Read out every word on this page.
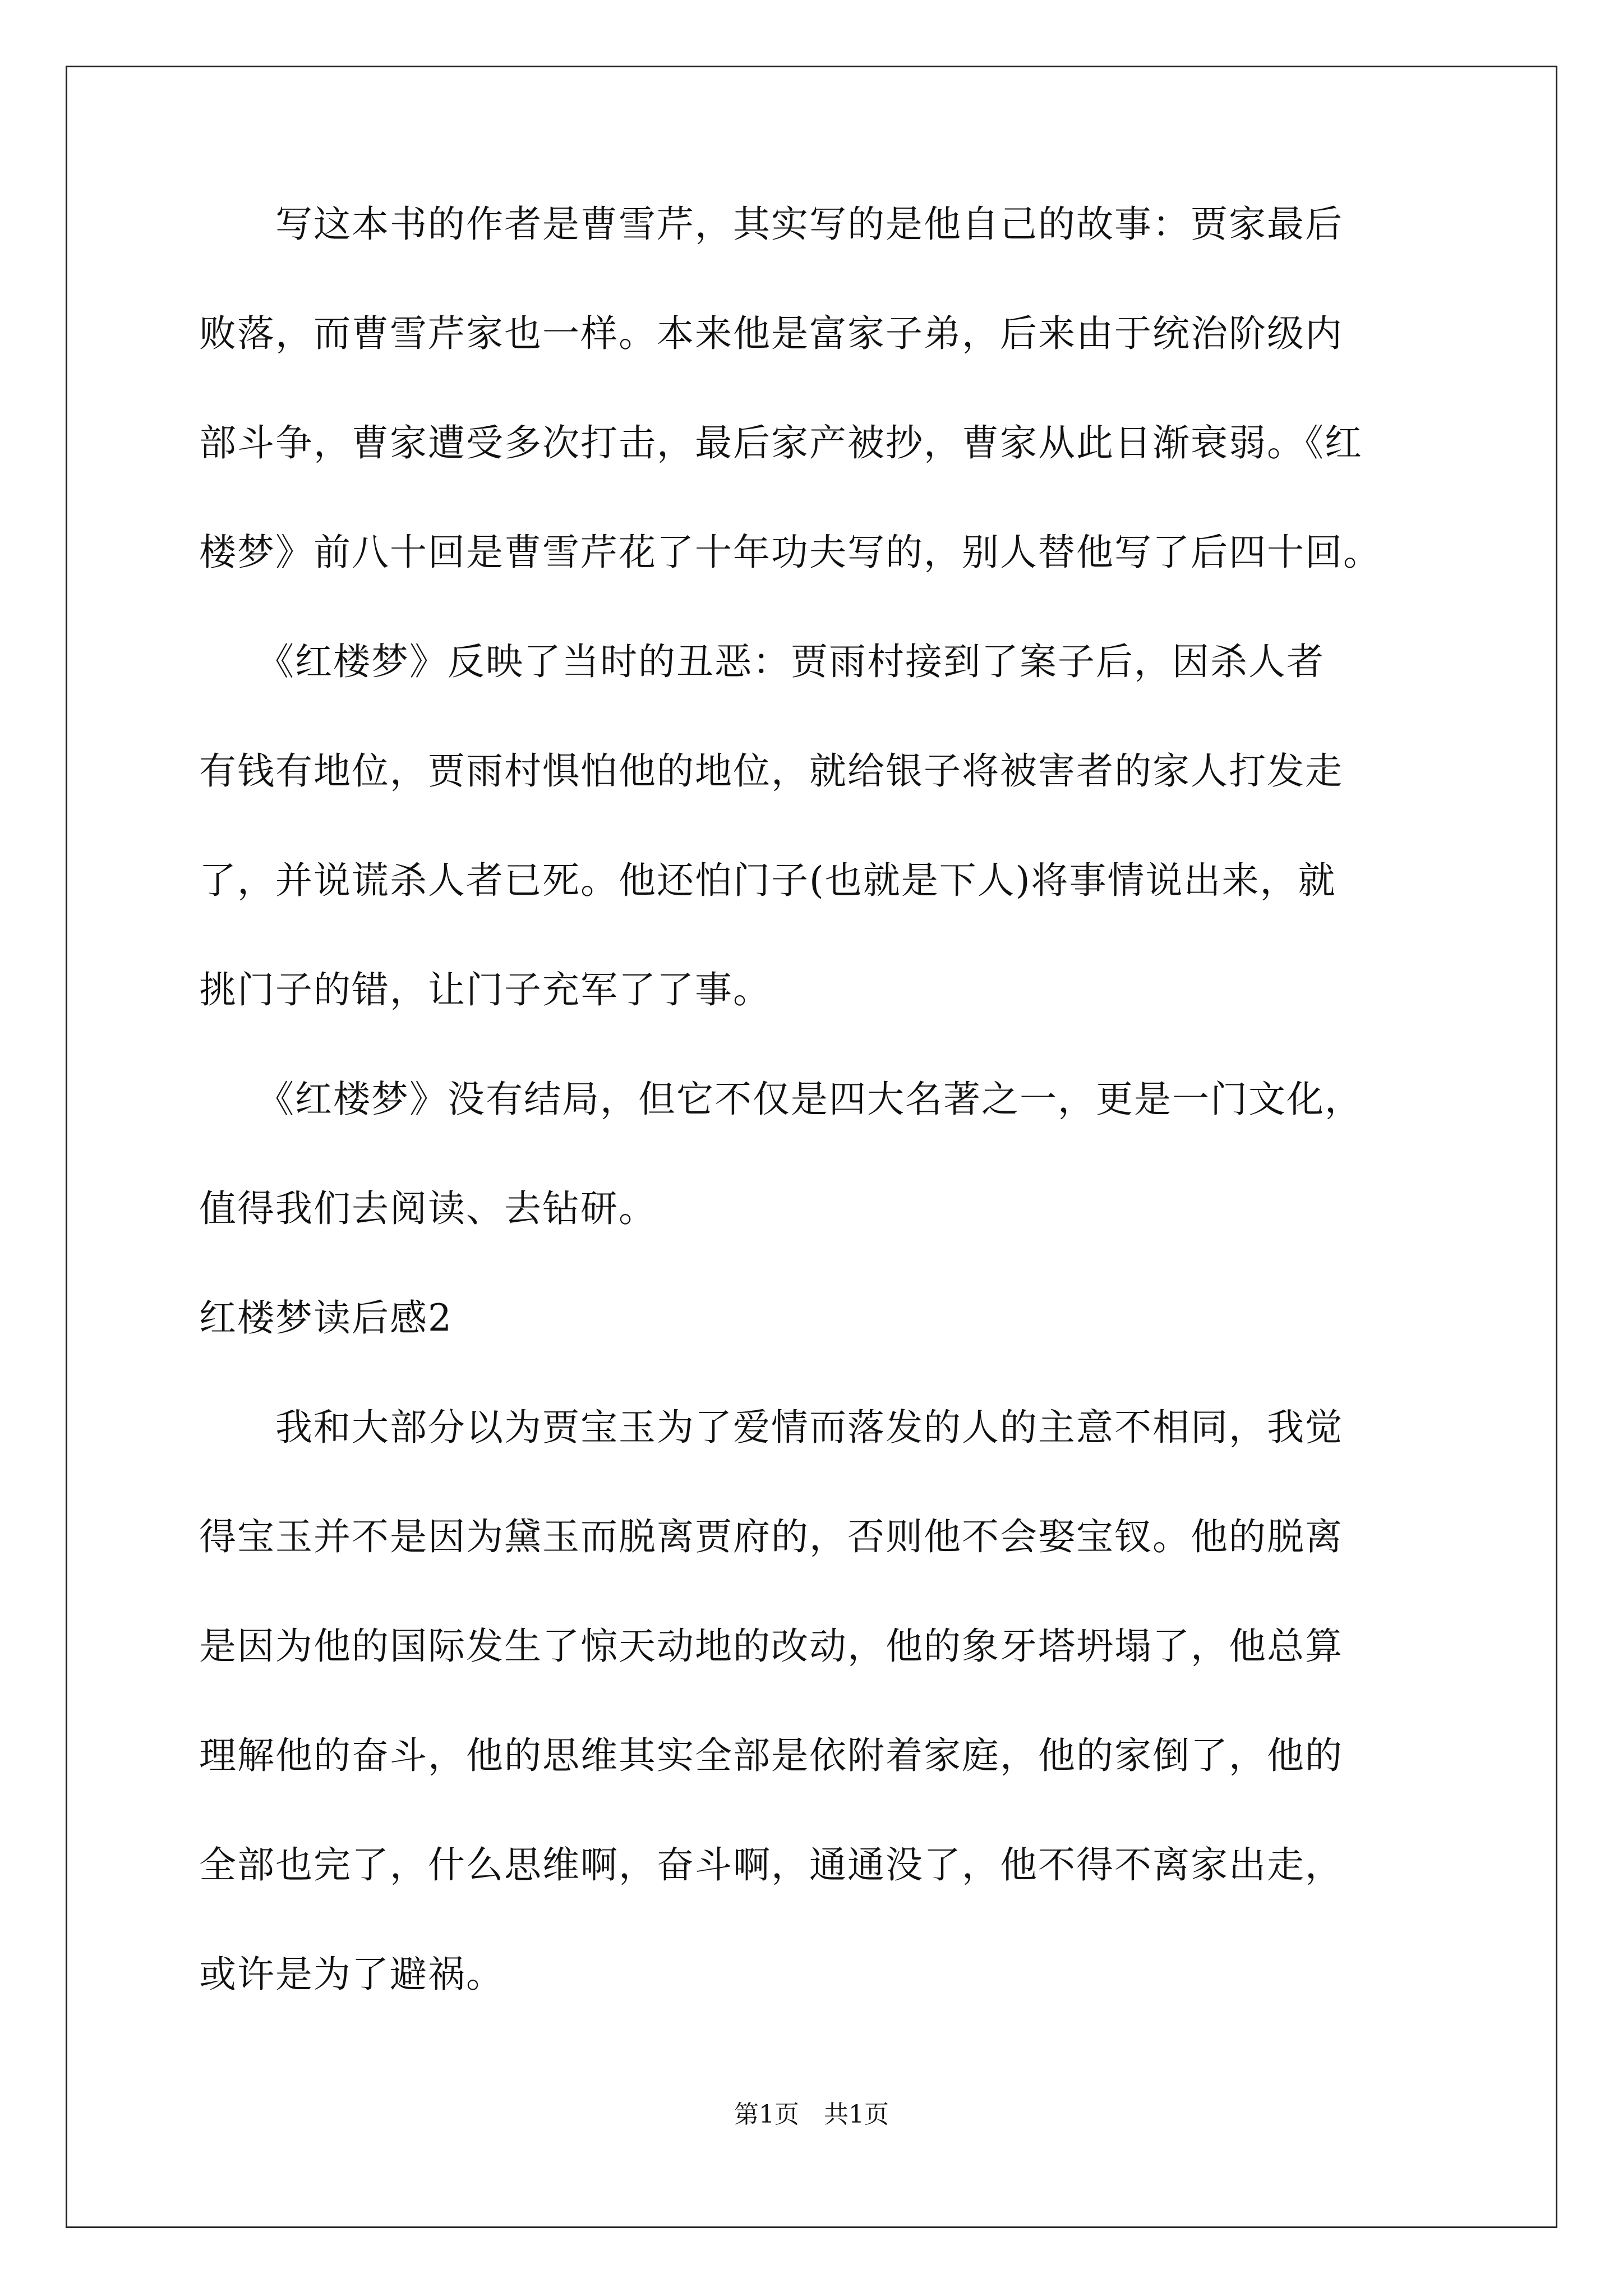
　　写这本书的作者是曹雪芹，其实写的是他自己的故事：贾家最后
败落，而曹雪芹家也一样。本来他是富家子弟，后来由于统治阶级内
部斗争，曹家遭受多次打击，最后家产被抄，曹家从此日渐衰弱。《红
楼梦》前八十回是曹雪芹花了十年功夫写的，别人替他写了后四十回。
　　《红楼梦》反映了当时的丑恶：贾雨村接到了案子后，因杀人者
有钱有地位，贾雨村惧怕他的地位，就给银子将被害者的家人打发走
了，并说谎杀人者已死。他还怕门子(也就是下人)将事情说出来，就
挑门子的错，让门子充军了了事。
　　《红楼梦》没有结局，但它不仅是四大名著之一，更是一门文化，
值得我们去阅读、去钻研。
红楼梦读后感2
　　我和大部分以为贾宝玉为了爱情而落发的人的主意不相同，我觉
得宝玉并不是因为黛玉而脱离贾府的，否则他不会娶宝钗。他的脱离
是因为他的国际发生了惊天动地的改动，他的象牙塔坍塌了，他总算
理解他的奋斗，他的思维其实全部是依附着家庭，他的家倒了，他的
全部也完了，什么思维啊，奋斗啊，通通没了，他不得不离家出走，
或许是为了避祸。
第1页　共1页
